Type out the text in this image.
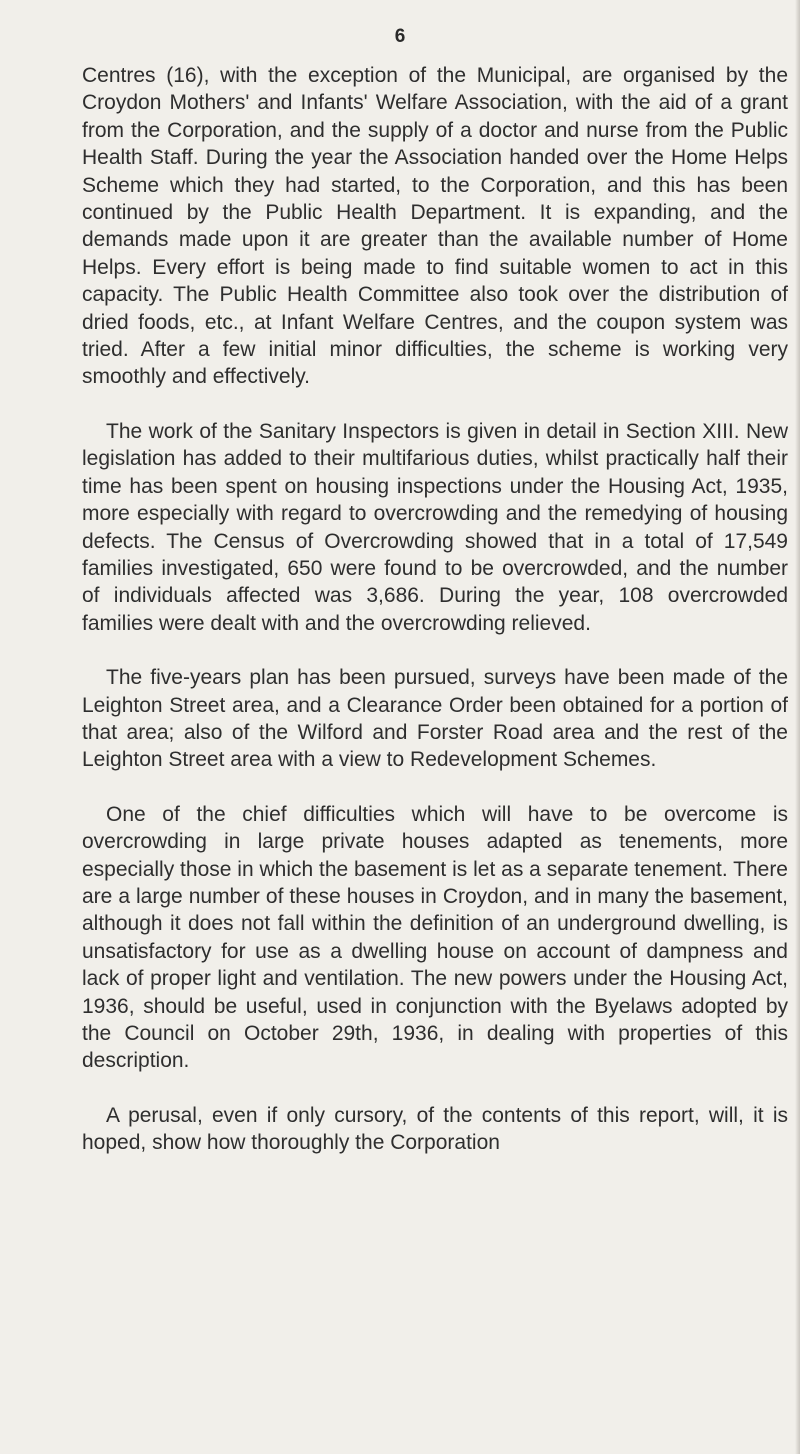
6

Centres (16), with the exception of the Municipal, are organised by the Croydon Mothers' and Infants' Welfare Association, with the aid of a grant from the Corporation, and the supply of a doctor and nurse from the Public Health Staff. During the year the Association handed over the Home Helps Scheme which they had started, to the Corporation, and this has been continued by the Public Health Department. It is expanding, and the demands made upon it are greater than the available number of Home Helps. Every effort is being made to find suitable women to act in this capacity. The Public Health Committee also took over the distribution of dried foods, etc., at Infant Welfare Centres, and the coupon system was tried. After a few initial minor difficulties, the scheme is working very smoothly and effectively.

The work of the Sanitary Inspectors is given in detail in Section XIII. New legislation has added to their multifarious duties, whilst practically half their time has been spent on housing inspections under the Housing Act, 1935, more especially with regard to overcrowding and the remedying of housing defects. The Census of Overcrowding showed that in a total of 17,549 families investigated, 650 were found to be overcrowded, and the number of individuals affected was 3,686. During the year, 108 overcrowded families were dealt with and the overcrowding relieved.

The five-years plan has been pursued, surveys have been made of the Leighton Street area, and a Clearance Order been obtained for a portion of that area; also of the Wilford and Forster Road area and the rest of the Leighton Street area with a view to Redevelopment Schemes.

One of the chief difficulties which will have to be overcome is overcrowding in large private houses adapted as tenements, more especially those in which the basement is let as a separate tenement. There are a large number of these houses in Croydon, and in many the basement, although it does not fall within the definition of an underground dwelling, is unsatisfactory for use as a dwelling house on account of dampness and lack of proper light and ventilation. The new powers under the Housing Act, 1936, should be useful, used in conjunction with the Byelaws adopted by the Council on October 29th, 1936, in dealing with properties of this description.

A perusal, even if only cursory, of the contents of this report, will, it is hoped, show how thoroughly the Corporation
